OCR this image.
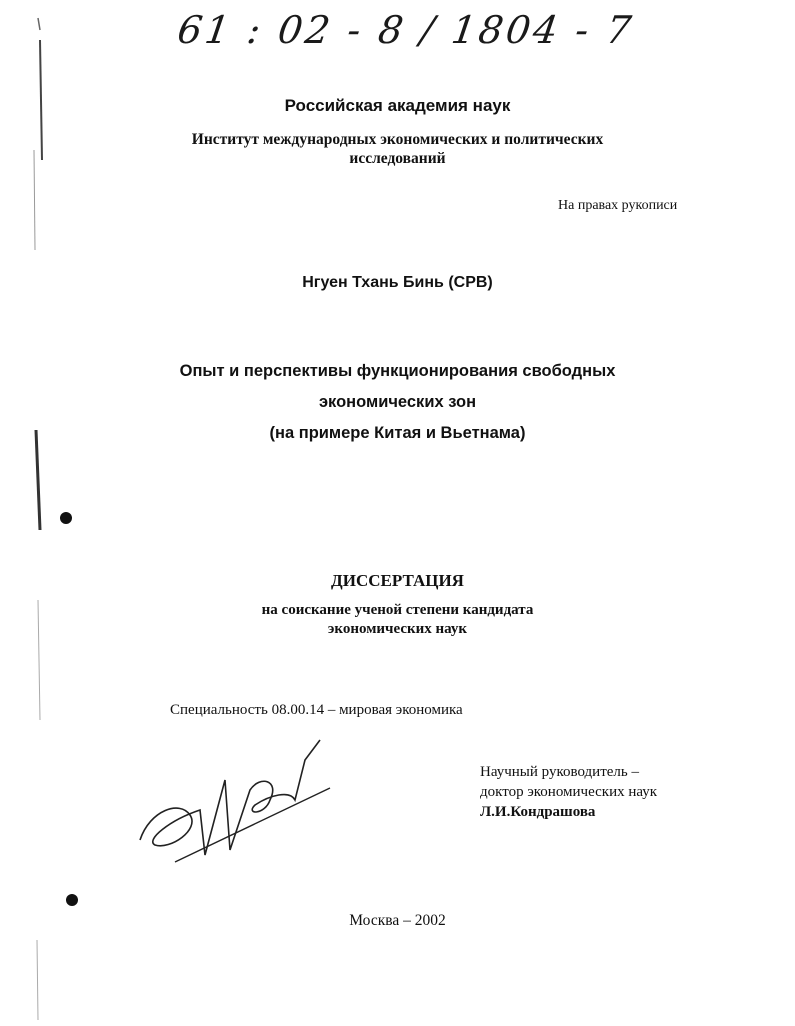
61 : 02 - 8 / 1804 - 7
Российская академия наук
Институт международных экономических и политических
исследований
На правах рукописи
Нгуен Тхань Бинь (СРВ)
Опыт и перспективы функционирования свободных
экономических зон
(на примере Китая и Вьетнама)
ДИССЕРТАЦИЯ
на соискание ученой степени кандидата
экономических наук
Специальность 08.00.14 – мировая экономика
Научный руководитель –
доктор экономических наук
Л.И.Кондрашова
Москва – 2002
